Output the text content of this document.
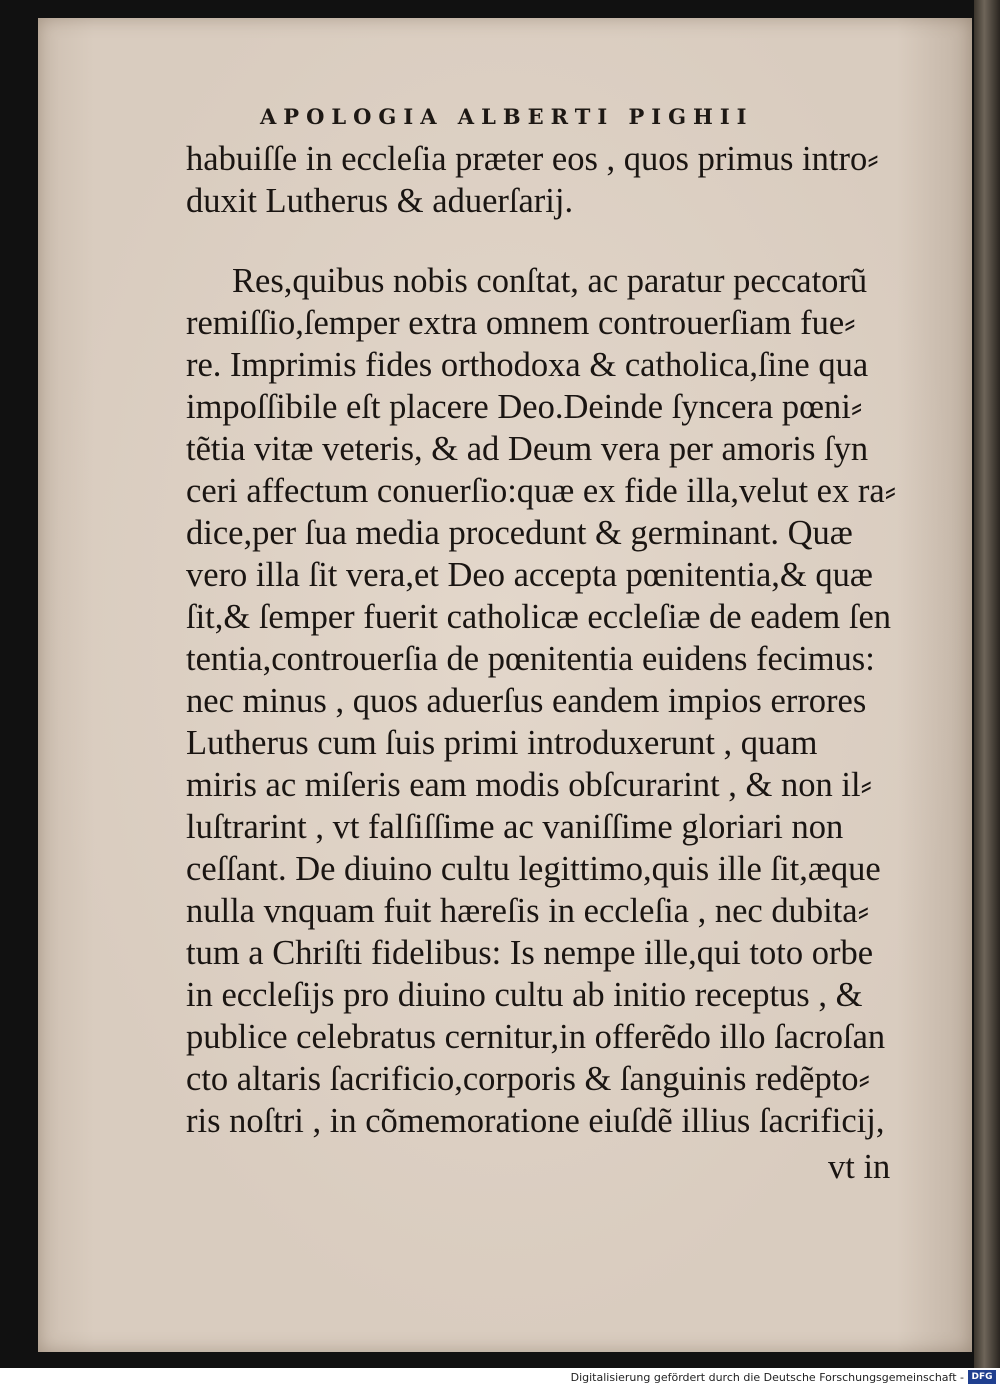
APOLOGIA ALBERTI PIGHII

habuiſſe in eccleſia præter eos , quos primus intro⸗
duxit Lutherus & aduerſarij.
Res,quibus nobis conſtat, ac paratur peccatorũ
remiſſio,ſemper extra omnem controuerſiam fue⸗
re. Imprimis fides orthodoxa & catholica,ſine qua
impoſſibile eſt placere Deo.Deinde ſyncera pœni⸗
tẽtia vitæ veteris, & ad Deum vera per amoris ſyn
ceri affectum conuerſio:quæ ex fide illa,velut ex ra⸗
dice,per ſua media procedunt & germinant. Quæ
vero illa ſit vera,et Deo accepta pœnitentia,& quæ
ſit,& ſemper fuerit catholicæ eccleſiæ de eadem ſen
tentia,controuerſia de pœnitentia euidens fecimus:
nec minus , quos aduerſus eandem impios errores
Lutherus cum ſuis primi introduxerunt , quam
miris ac miſeris eam modis obſcurarint , & non il⸗
luſtrarint , vt falſiſſime ac vaniſſime gloriari non
ceſſant. De diuino cultu legittimo,quis ille ſit,æque
nulla vnquam fuit hæreſis in eccleſia , nec dubita⸗
tum a Chriſti fidelibus: Is nempe ille,qui toto orbe
in eccleſijs pro diuino cultu ab initio receptus , &
publice celebratus cernitur,in offerẽdo illo ſacroſan
cto altaris ſacrificio,corporis & ſanguinis redẽpto⸗
ris noſtri , in cõmemoratione eiuſdẽ illius ſacrificij,
vt in
Digitalisierung gefördert durch die Deutsche Forschungsgemeinschaft - DFG
